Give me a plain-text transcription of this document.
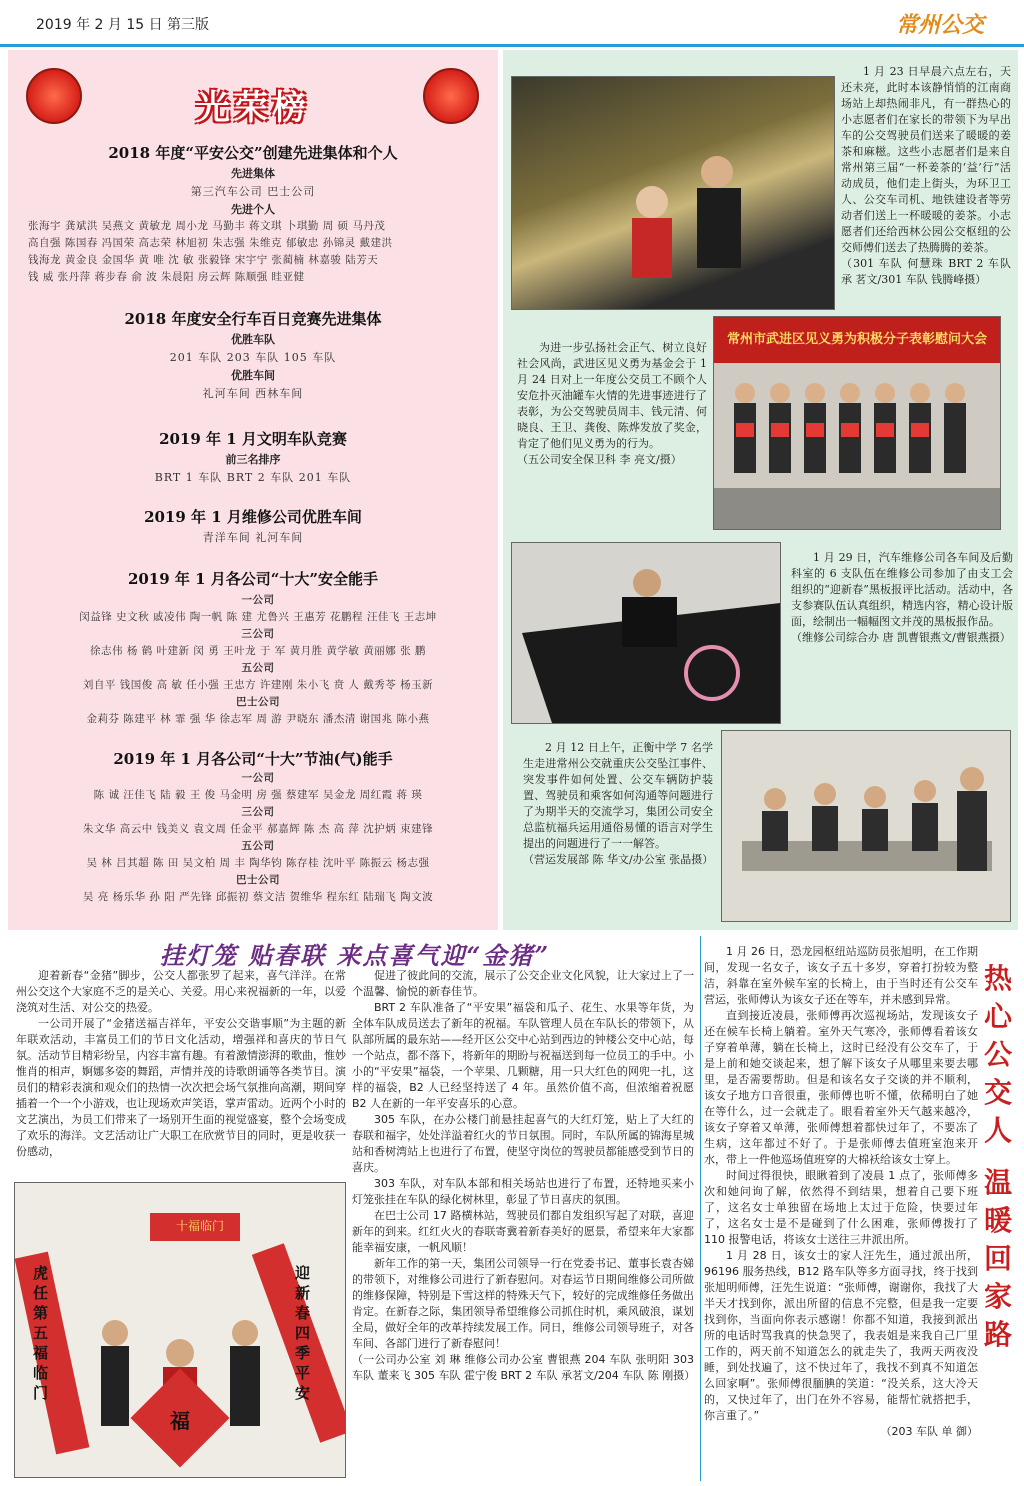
2019 年 2 月 15 日 第三版	常州公交
光荣榜
2018 年度“平安公交”创建先进集体和个人
先进集体
第三汽车公司 巴士公司
先进个人
张海宇 龚斌洪 吴燕文 黄敏龙 周小龙 马勤丰 蒋文琪 卜琪勤 周 硕 马丹茂
高自强 陈国春 冯国荣 高志荣 林旭初 朱志强 朱维克 郁敏忠 孙锦灵 戴建洪
钱海龙 黄金良 金国华 黄 唯 沈 敏 张毅锋 宋宇宁 张蔺楠 林嘉骏 陆芳天
钱 威 张丹萍 蒋步春 俞 波 朱晨阳 房云辉 陈顺强 眭亚健
2018 年度安全行车百日竞赛先进集体
优胜车队
201 车队 203 车队 105 车队
优胜车间
礼河车间 西林车间
2019 年 1 月文明车队竞赛
前三名排序
BRT 1 车队 BRT 2 车队 201 车队
2019 年 1 月维修公司优胜车间
青洋车间 礼河车间
2019 年 1 月各公司“十大”安全能手
一公司
闵益锋 史文秋 戚凌伟 陶一帆 陈 建 尤鲁兴 王惠芳 花鹏程 汪佳飞 王志坤
三公司
徐志伟 杨 鹤 叶建新 闵 勇 王叶龙 于 军 黄月胜 黄学敏 黄丽娜 张 鹏
五公司
刘自平 钱国俊 高 敏 任小强 王忠方 许建刚 朱小飞 贲 人 戴秀苓 杨玉新
巴士公司
金莉芬 陈建平 林 霏 强 华 徐志军 周 游 尹晓东 潘杰清 谢国兆 陈小燕
2019 年 1 月各公司“十大”节油(气)能手
一公司
陈 诚 汪佳飞 陆 毅 王 俊 马金明 房 强 蔡建军 吴金龙 周红霞 蒋 瑛
三公司
朱文华 高云中 钱美义 袁文周 任金平 郝嘉辉 陈 杰 高 萍 沈护炳 束建锋
五公司
吴 林 吕其超 陈 田 吴文柏 周 丰 陶华钧 陈存桂 沈叶平 陈振云 杨志强
巴士公司
吴 亮 杨乐华 孙 阳 严先锋 邱振初 蔡文洁 贺维华 程东红 陆瑞飞 陶文波
1 月 23 日早晨六点左右，天还未亮，此时本该静悄悄的江南商场站上却热闹非凡，有一群热心的小志愿者们在家长的带领下为早出车的公交驾驶员们送来了暖暖的姜茶和麻糍。这些小志愿者们是来自常州第三届“一杯姜茶的‘益’行”活动成员，他们走上街头，为环卫工人、公交车司机、地铁建设者等劳动者们送上一杯暖暖的姜茶。小志愿者们还给西林公园公交枢纽的公交师傅们送去了热腾腾的姜茶。
（301 车队 何慧珠 BRT 2 车队 承 茗文/301 车队 钱腾峰摄）
为进一步弘扬社会正气、树立良好社会风尚，武进区见义勇为基金会于 1 月 24 日对上一年度公交员工不顾个人安危扑灭油罐车火情的先进事迹进行了表彰，为公交驾驶员周丰、钱元清、何晓良、王卫、龚俊、陈烨发放了奖金，肯定了他们见义勇为的行为。
（五公司安全保卫科 李 亮文/摄）
常州市武进区见义勇为积极分子表彰慰问大会
1 月 29 日，汽车维修公司各车间及后勤科室的 6 支队伍在维修公司参加了由支工会组织的“迎新春”黑板报评比活动。活动中，各支参赛队伍认真组织，精选内容，精心设计版面，绘制出一幅幅图文并茂的黑板报作品。
（维修公司综合办 唐 凯曹银燕文/曹银燕摄）
2 月 12 日上午，正衡中学 7 名学生走进常州公交就重庆公交坠江事件、突发事件如何处置、公交车辆防护装置、驾驶员和乘客如何沟通等问题进行了为期半天的交流学习，集团公司安全总监杭福兵运用通俗易懂的语言对学生提出的问题进行了一一解答。
（营运发展部 陈 华文/办公室 张晶摄）
挂灯笼 贴春联 来点喜气迎“金猪”

迎着新春“金猪”脚步，公交人都张罗了起来，喜气洋洋。在常州公交这个大家庭不乏的是关心、关爱。用心来祝福新的一年，以爱浇筑对生活、对公交的热爱。

一公司开展了“金猪送福吉祥年，平安公交谐事顺”为主题的新年联欢活动，丰富员工们的节日文化活动，增强祥和喜庆的节日气氛。活动节目精彩纷呈，内容丰富有趣。有着激情澎湃的歌曲，惟妙惟肖的相声，婀娜多姿的舞蹈，声情并茂的诗歌朗诵等各类节目。演员们的精彩表演和观众们的热情一次次把会场气氛推向高潮，期间穿插着一个一个小游戏，也让现场欢声笑语，掌声雷动。近两个小时的文艺演出，为员工们带来了一场别开生面的视觉盛宴，整个会场变成了欢乐的海洋。文艺活动让广大职工在欣赏节目的同时，更是收获一份感动，

虎任第五福临门
迎新春四季平安
十福临门
福

促进了彼此间的交流，展示了公交企业文化风貌，让大家过上了一个温馨、愉悦的新春佳节。

BRT 2 车队准备了“平安果”福袋和瓜子、花生、水果等年货，为全体车队成员送去了新年的祝福。车队管理人员在车队长的带领下，从队部所属的最东站——经开区公交中心站到西边的钟楼公交中心站，每一个站点，都不落下，将新年的期盼与祝福送到每一位员工的手中。小小的“平安果”福袋，一个苹果、几颗糖，用一只大红色的网兜一扎，这样的福袋，B2 人已经坚持送了 4 年。虽然价值不高，但浓缩着祝愿 B2 人在新的一年平安喜乐的心意。

305 车队，在办公楼门前悬挂起喜气的大红灯笼，贴上了大红的春联和福字，处处洋溢着红火的节日氛围。同时，车队所属的锦海星城站和香树湾站上也进行了布置，使坚守岗位的驾驶员都能感受到节日的喜庆。

303 车队，对车队本部和相关场站也进行了布置，还特地买来小灯笼张挂在车队的绿化树林里，彰显了节日喜庆的氛围。

在巴士公司 17 路横林站，驾驶员们都自发组织写起了对联，喜迎新年的到来。红红火火的春联寄冀着新春美好的愿景，希望来年大家都能幸福安康，一帆风顺！

新年工作的第一天，集团公司领导一行在党委书记、董事长袁杏娣的带领下，对维修公司进行了新春慰问。对春运节日期间维修公司所做的维修保障，特别是下雪这样的特殊天气下，较好的完成维修任务做出肯定。在新春之际，集团领导希望维修公司抓住时机，乘风破浪，谋划全局，做好全年的改革持续发展工作。同日，维修公司领导班子，对各车间、各部门进行了新春慰问！

（一公司办公室 刘 琳 维修公司办公室 曹银燕 204 车队 张明阳 303 车队 董来飞 305 车队 霍宁俊 BRT 2 车队 承茗文/204 车队 陈 刚摄）

1 月 26 日，恐龙园枢纽站巡防员张旭明，在工作期间，发现一名女子，该女子五十多岁，穿着打扮较为整洁，斜靠在室外候车室的长椅上，由于当时还有公交车营运，张师傅认为该女子还在等车，并未感到异常。

直到接近凌晨，张师傅再次巡视场站，发现该女子还在候车长椅上躺着。室外天气寒冷，张师傅看着该女子穿着单薄，躺在长椅上，这时已经没有公交车了，于是上前和她交谈起来，想了解下该女子从哪里来要去哪里，是否需要帮助。但是和该名女子交谈的并不顺利，该女子地方口音很重，张师傅也听不懂，依稀明白了她在等什么，过一会就走了。眼看着室外天气越来越冷，该女子穿着又单薄，张师傅想着都快过年了，不要冻了生病，这年都过不好了。于是张师傅去值班室泡来开水，带上一件他巡场值班穿的大棉袄给该女士穿上。

时间过得很快，眼瞅着到了凌晨 1 点了，张师傅多次和她问询了解，依然得不到结果，想着自己要下班了，这名女士单独留在场地上太过于危险，快要过年了，这名女士是不是碰到了什么困难，张师傅拨打了 110 报警电话，将该女士送往三井派出所。

1 月 28 日，该女士的家人汪先生，通过派出所，96196 服务热线，B12 路车队等多方面寻找，终于找到张旭明师傅，汪先生说道：“张师傅，谢谢你，我找了大半天才找到你，派出所留的信息不完整，但是我一定要找到你，当面向你表示感谢！你都不知道，我接到派出所的电话时骂我真的快急哭了，我表姐是来我自己厂里工作的，两天前不知道怎么的就走失了，我两天两夜没睡，到处找遍了，这不快过年了，我找不到真不知道怎么回家啊”。张师傅很腼腆的笑道：“没关系，这大冷天的，又快过年了，出门在外不容易，能帮忙就搭把手，你言重了。”

（203 车队 单 御）

热
心
公
交
人
温
暖
回
家
路
